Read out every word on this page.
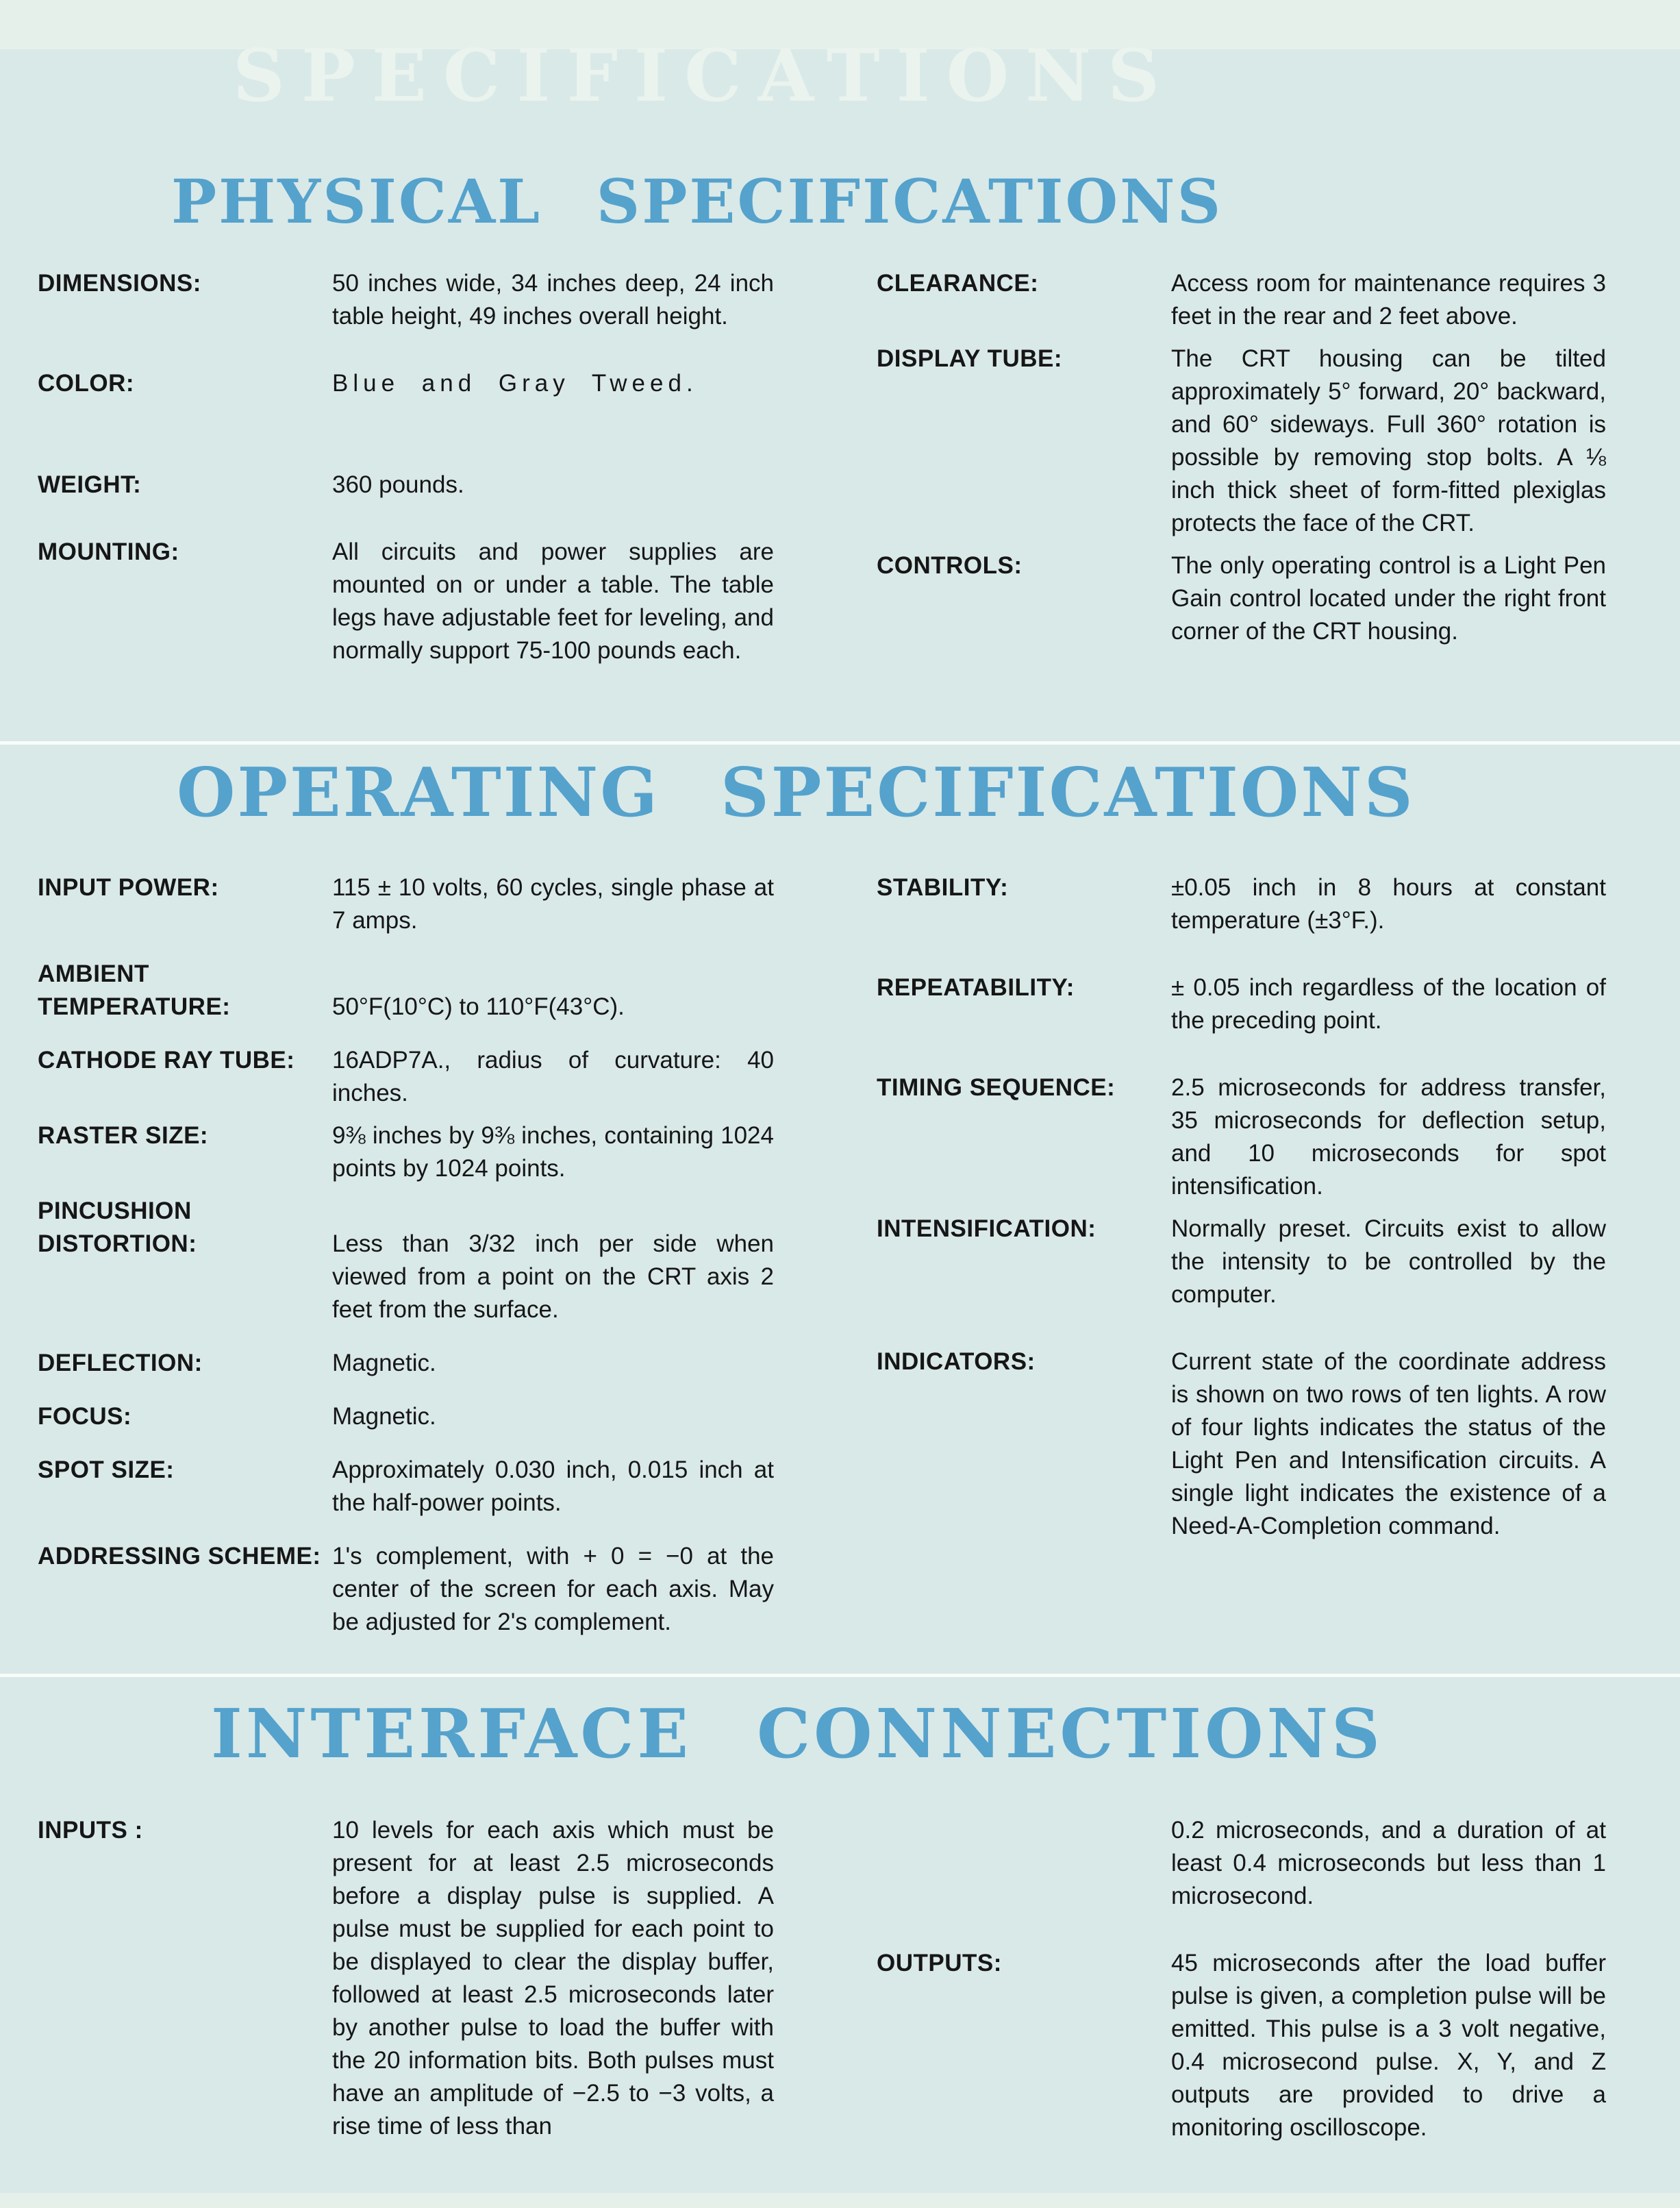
SPECIFICATIONS
PHYSICAL SPECIFICATIONS
DIMENSIONS:	50 inches wide, 34 inches deep, 24 inch table height, 49 inches overall height.
COLOR:	Blue and Gray Tweed.
WEIGHT:	360 pounds.
MOUNTING:	All circuits and power supplies are mounted on or under a table. The table legs have adjustable feet for leveling, and normally support 75-100 pounds each.
CLEARANCE:	Access room for maintenance requires 3 feet in the rear and 2 feet above.
DISPLAY TUBE:	The CRT housing can be tilted approximately 5° forward, 20° backward, and 60° sideways. Full 360° rotation is possible by removing stop bolts. A ⅛ inch thick sheet of form-fitted plexiglas protects the face of the CRT.
CONTROLS:	The only operating control is a Light Pen Gain control located under the right front corner of the CRT housing.
OPERATING SPECIFICATIONS
INPUT POWER:	115 ± 10 volts, 60 cycles, single phase at 7 amps.
AMBIENT TEMPERATURE:	50°F(10°C) to 110°F(43°C).
CATHODE RAY TUBE:	16ADP7A., radius of curvature: 40 inches.
RASTER SIZE:	9⅜ inches by 9⅜ inches, containing 1024 points by 1024 points.
PINCUSHION DISTORTION:	Less than 3/32 inch per side when viewed from a point on the CRT axis 2 feet from the surface.
DEFLECTION:	Magnetic.
FOCUS:	Magnetic.
SPOT SIZE:	Approximately 0.030 inch, 0.015 inch at the half-power points.
ADDRESSING SCHEME: 1's complement, with + 0 = −0 at the center of the screen for each axis. May be adjusted for 2's complement.
STABILITY:	±0.05 inch in 8 hours at constant temperature (±3°F.).
REPEATABILITY:	± 0.05 inch regardless of the location of the preceding point.
TIMING SEQUENCE:	2.5 microseconds for address transfer, 35 microseconds for deflection setup, and 10 microseconds for spot intensification.
INTENSIFICATION:	Normally preset. Circuits exist to allow the intensity to be controlled by the computer.
INDICATORS:	Current state of the coordinate address is shown on two rows of ten lights. A row of four lights indicates the status of the Light Pen and Intensification circuits. A single light indicates the existence of a Need-A-Completion command.
INTERFACE CONNECTIONS
INPUTS :	10 levels for each axis which must be present for at least 2.5 microseconds before a display pulse is supplied. A pulse must be supplied for each point to be displayed to clear the display buffer, followed at least 2.5 microseconds later by another pulse to load the buffer with the 20 information bits. Both pulses must have an amplitude of −2.5 to −3 volts, a rise time of less than
0.2 microseconds, and a duration of at least 0.4 microseconds but less than 1 microsecond.
OUTPUTS:	45 microseconds after the load buffer pulse is given, a completion pulse will be emitted. This pulse is a 3 volt negative, 0.4 microsecond pulse. X, Y, and Z outputs are provided to drive a monitoring oscilloscope.
